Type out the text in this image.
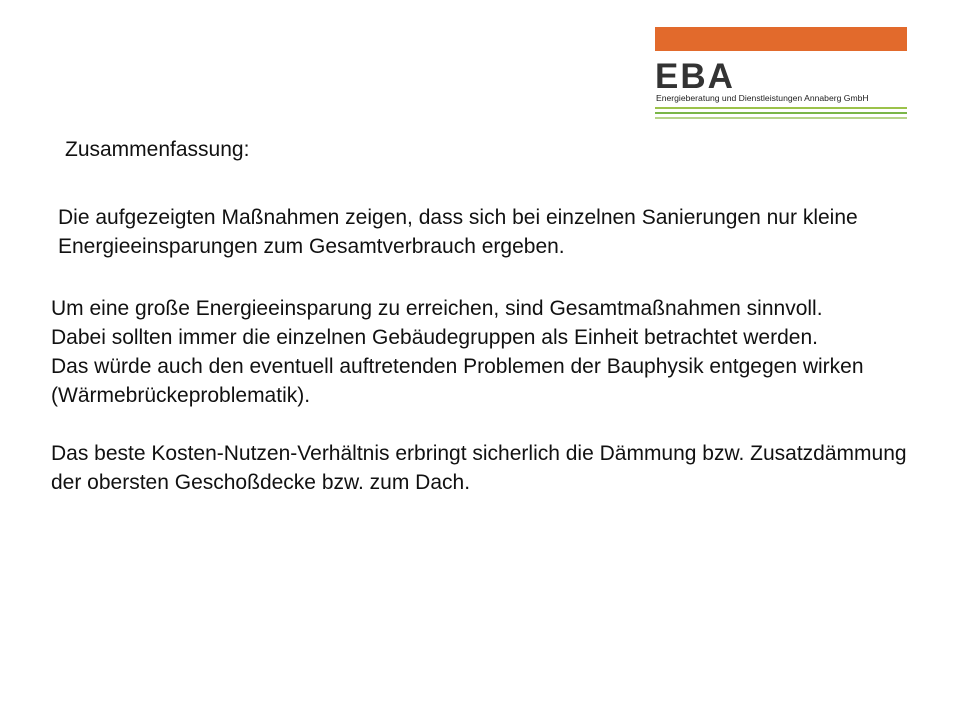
EBA
Energieberatung und Dienstleistungen Annaberg GmbH
Zusammenfassung:

Die aufgezeigten Maßnahmen zeigen, dass sich bei einzelnen Sanierungen nur kleine Energieeinsparungen zum Gesamtverbrauch ergeben.

Um eine große Energieeinsparung zu erreichen, sind Gesamtmaßnahmen sinnvoll.

Dabei sollten immer die einzelnen Gebäudegruppen als Einheit betrachtet werden.

Das würde auch den eventuell auftretenden Problemen der Bauphysik entgegen wirken (Wärmebrückeproblematik).

Das beste Kosten-Nutzen-Verhältnis erbringt sicherlich die Dämmung bzw. Zusatzdämmung der obersten Geschoßdecke bzw. zum Dach.
